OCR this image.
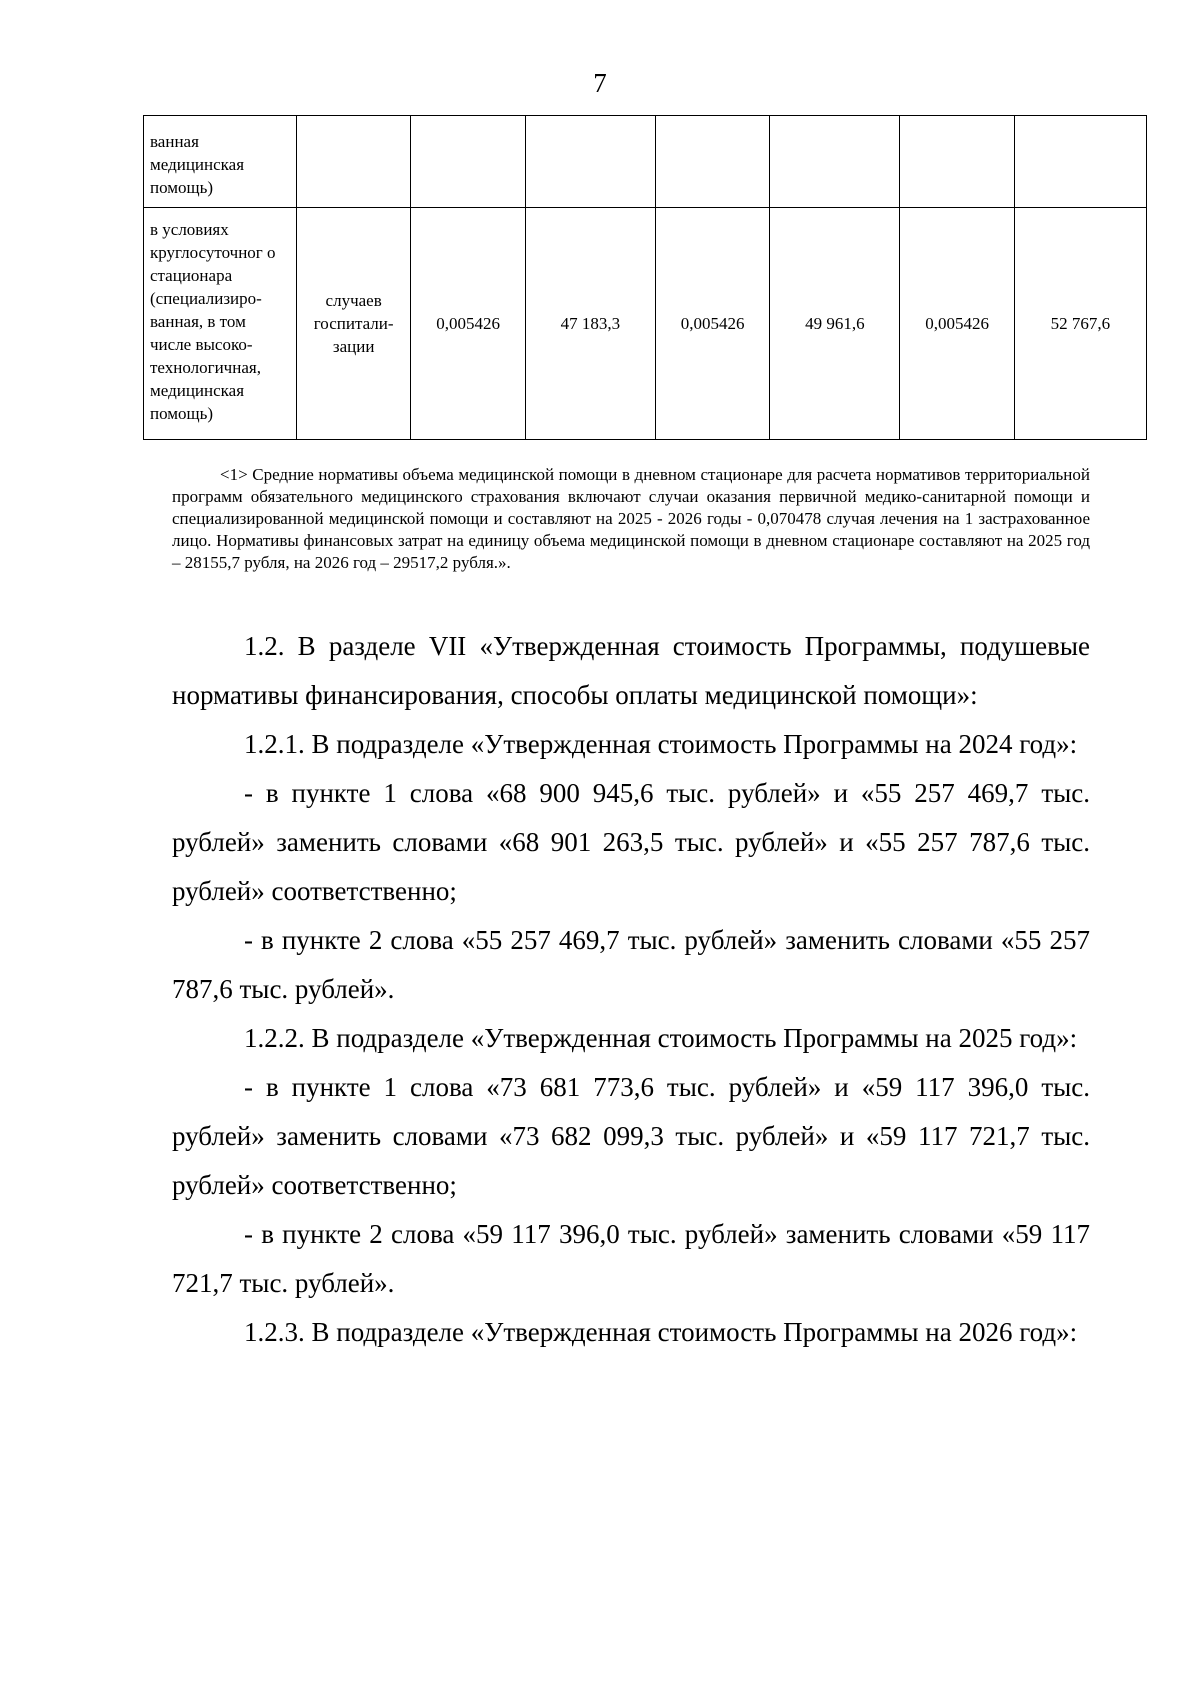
7
ванная медицинская помощь)							
в условиях круглосуточног о стационара (специализиро-ванная, в том числе высоко-технологичная, медицинская помощь)	случаев госпитали-зации	0,005426	47 183,3	0,005426	49 961,6	0,005426	52 767,6

<1> Средние нормативы объема медицинской помощи в дневном стационаре для расчета нормативов территориальной программ обязательного медицинского страхования включают случаи оказания первичной медико-санитарной помощи и специализированной медицинской помощи и составляют на 2025 - 2026 годы - 0,070478 случая лечения на 1 застрахованное лицо. Нормативы финансовых затрат на единицу объема медицинской помощи в дневном стационаре составляют на 2025 год – 28155,7 рубля, на 2026 год – 29517,2 рубля.».

1.2. В разделе VII «Утвержденная стоимость Программы, подушевые нормативы финансирования, способы оплаты медицинской помощи»:

1.2.1. В подразделе «Утвержденная стоимость Программы на 2024 год»:

- в пункте 1 слова «68 900 945,6 тыс. рублей» и «55 257 469,7 тыс. рублей» заменить словами «68 901 263,5 тыс. рублей» и «55 257 787,6 тыс. рублей» соответственно;

- в пункте 2 слова «55 257 469,7 тыс. рублей» заменить словами «55 257 787,6 тыс. рублей».

1.2.2. В подразделе «Утвержденная стоимость Программы на 2025 год»:

- в пункте 1 слова «73 681 773,6 тыс. рублей» и «59 117 396,0 тыс. рублей» заменить словами «73 682 099,3 тыс. рублей» и «59 117 721,7 тыс. рублей» соответственно;

- в пункте 2 слова «59 117 396,0 тыс. рублей» заменить словами «59 117 721,7 тыс. рублей».

1.2.3. В подразделе «Утвержденная стоимость Программы на 2026 год»:
